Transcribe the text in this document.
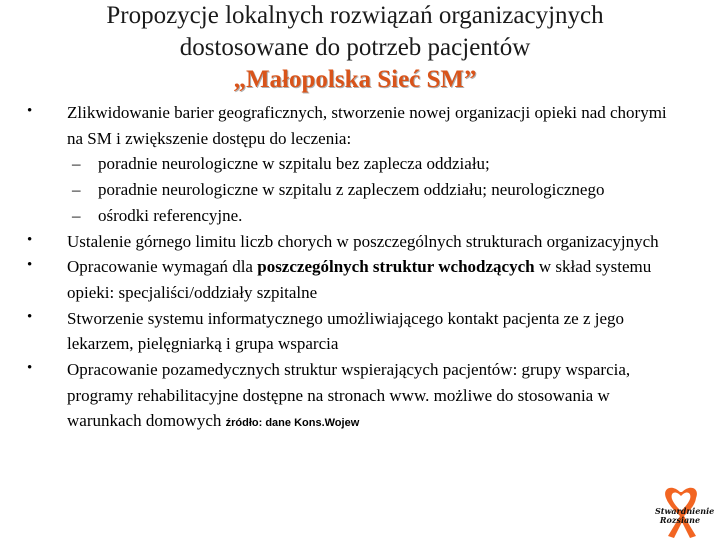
Propozycje lokalnych rozwiązań organizacyjnych
dostosowane do potrzeb pacjentów
„Małopolska Sieć SM”
• Zlikwidowanie barier geograficznych, stworzenie nowej organizacji opieki nad chorymi na SM i zwiększenie dostępu do leczenia:
– poradnie neurologiczne w szpitalu bez zaplecza oddziału;
– poradnie neurologiczne w szpitalu z zapleczem oddziału; neurologicznego
– ośrodki referencyjne.
• Ustalenie górnego limitu liczb chorych w poszczególnych strukturach organizacyjnych
• Opracowanie wymagań dla poszczególnych struktur wchodzących w skład systemu opieki: specjaliści/oddziały szpitalne
• Stworzenie systemu informatycznego umożliwiającego kontakt pacjenta ze z jego lekarzem, pielęgniarką i grupa wsparcia
• Opracowanie pozamedycznych struktur wspierających pacjentów: grupy wsparcia, programy rehabilitacyjne dostępne na stronach www. możliwe do stosowania w warunkach domowych źródło: dane Kons.Wojew
Stwardnienie
Rozsiane
